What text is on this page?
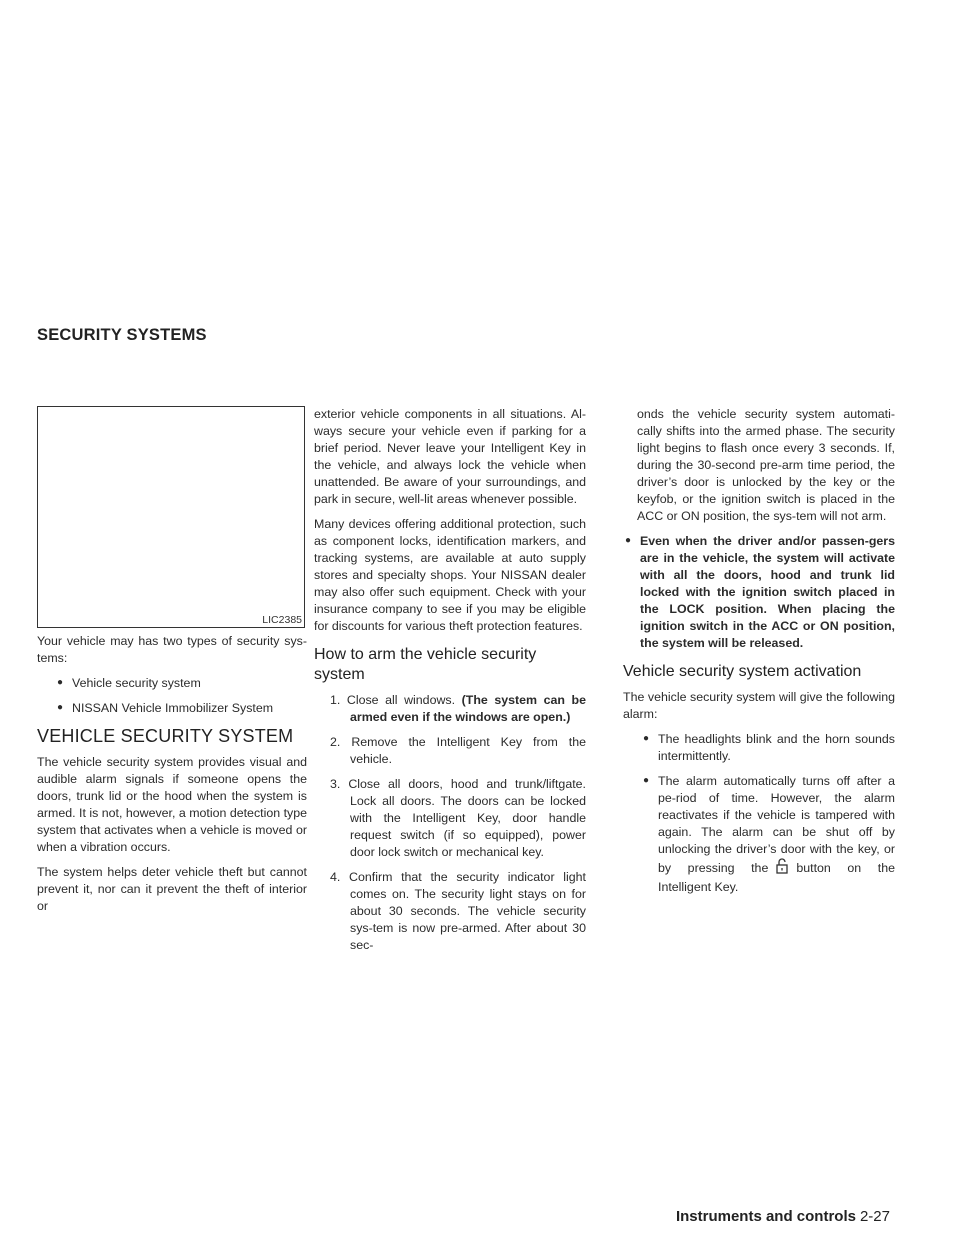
SECURITY SYSTEMS
LIC2385

Your vehicle may has two types of security sys-tems:

● Vehicle security system

● NISSAN Vehicle Immobilizer System

VEHICLE SECURITY SYSTEM

The vehicle security system provides visual and audible alarm signals if someone opens the doors, trunk lid or the hood when the system is armed. It is not, however, a motion detection type system that activates when a vehicle is moved or when a vibration occurs.

The system helps deter vehicle theft but cannot prevent it, nor can it prevent the theft of interior or

exterior vehicle components in all situations. Al-ways secure your vehicle even if parking for a brief period. Never leave your Intelligent Key in the vehicle, and always lock the vehicle when unattended. Be aware of your surroundings, and park in secure, well-lit areas whenever possible.

Many devices offering additional protection, such as component locks, identification markers, and tracking systems, are available at auto supply stores and specialty shops. Your NISSAN dealer may also offer such equipment. Check with your insurance company to see if you may be eligible for discounts for various theft protection features.

How to arm the vehicle security system

1. Close all windows. (The system can be armed even if the windows are open.)

2. Remove the Intelligent Key from the vehicle.

3. Close all doors, hood and trunk/liftgate. Lock all doors. The doors can be locked with the Intelligent Key, door handle request switch (if so equipped), power door lock switch or mechanical key.

4. Confirm that the security indicator light comes on. The security light stays on for about 30 seconds. The vehicle security sys-tem is now pre-armed. After about 30 sec-

onds the vehicle security system automati-cally shifts into the armed phase. The security light begins to flash once every 3 seconds. If, during the 30-second pre-arm time period, the driver’s door is unlocked by the key or the keyfob, or the ignition switch is placed in the ACC or ON position, the sys-tem will not arm.

● Even when the driver and/or passen-gers are in the vehicle, the system will activate with all the doors, hood and trunk lid locked with the ignition switch placed in the LOCK position. When placing the ignition switch in the ACC or ON position, the system will be released.

Vehicle security system activation

The vehicle security system will give the following alarm:

● The headlights blink and the horn sounds intermittently.

● The alarm automatically turns off after a pe-riod of time. However, the alarm reactivates if the vehicle is tampered with again. The alarm can be shut off by unlocking the driver’s door with the key, or by pressing the button on the Intelligent Key.

Instruments and controls 2-27
